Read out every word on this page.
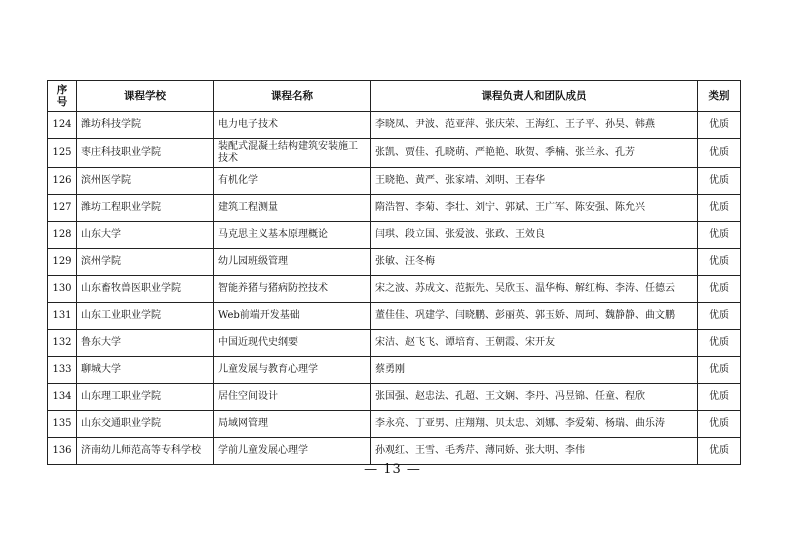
序号	课程学校	课程名称	课程负责人和团队成员	类别
124	潍坊科技学院	电力电子技术	李晓凤、尹波、范亚萍、张庆荣、王海红、王子平、孙昊、韩燕	优质
125	枣庄科技职业学院	装配式混凝土结构建筑安装施工技术	张凯、贾佳、孔晓萌、严艳艳、耿贺、季楠、张兰永、孔芳	优质
126	滨州医学院	有机化学	王晓艳、黄严、张家靖、刘明、王春华	优质
127	潍坊工程职业学院	建筑工程测量	隋浩智、李菊、李壮、刘宁、郭斌、王广军、陈安强、陈允兴	优质
128	山东大学	马克思主义基本原理概论	闫琪、段立国、张爱波、张政、王效良	优质
129	滨州学院	幼儿园班级管理	张敏、汪冬梅	优质
130	山东畜牧兽医职业学院	智能养猪与猪病防控技术	宋之波、苏成文、范振先、吴欣玉、温华梅、解红梅、李涛、任德云	优质
131	山东工业职业学院	Web前端开发基础	董佳佳、巩建学、闫晓鹏、彭丽英、郭玉娇、周珂、魏静静、曲文鹏	优质
132	鲁东大学	中国近现代史纲要	宋洁、赵飞飞、谭培育、王朝霞、宋开友	优质
133	聊城大学	儿童发展与教育心理学	蔡勇刚	优质
134	山东理工职业学院	居住空间设计	张国强、赵忠法、孔超、王文娴、李丹、冯昱锦、任童、程欣	优质
135	山东交通职业学院	局域网管理	李永亮、丁亚男、庄翔翔、贝太忠、刘娜、李爱菊、杨瑞、曲乐涛	优质
136	济南幼儿师范高等专科学校	学前儿童发展心理学	孙观红、王雪、毛秀芹、薄同娇、张大明、李伟	优质
— 13 —
